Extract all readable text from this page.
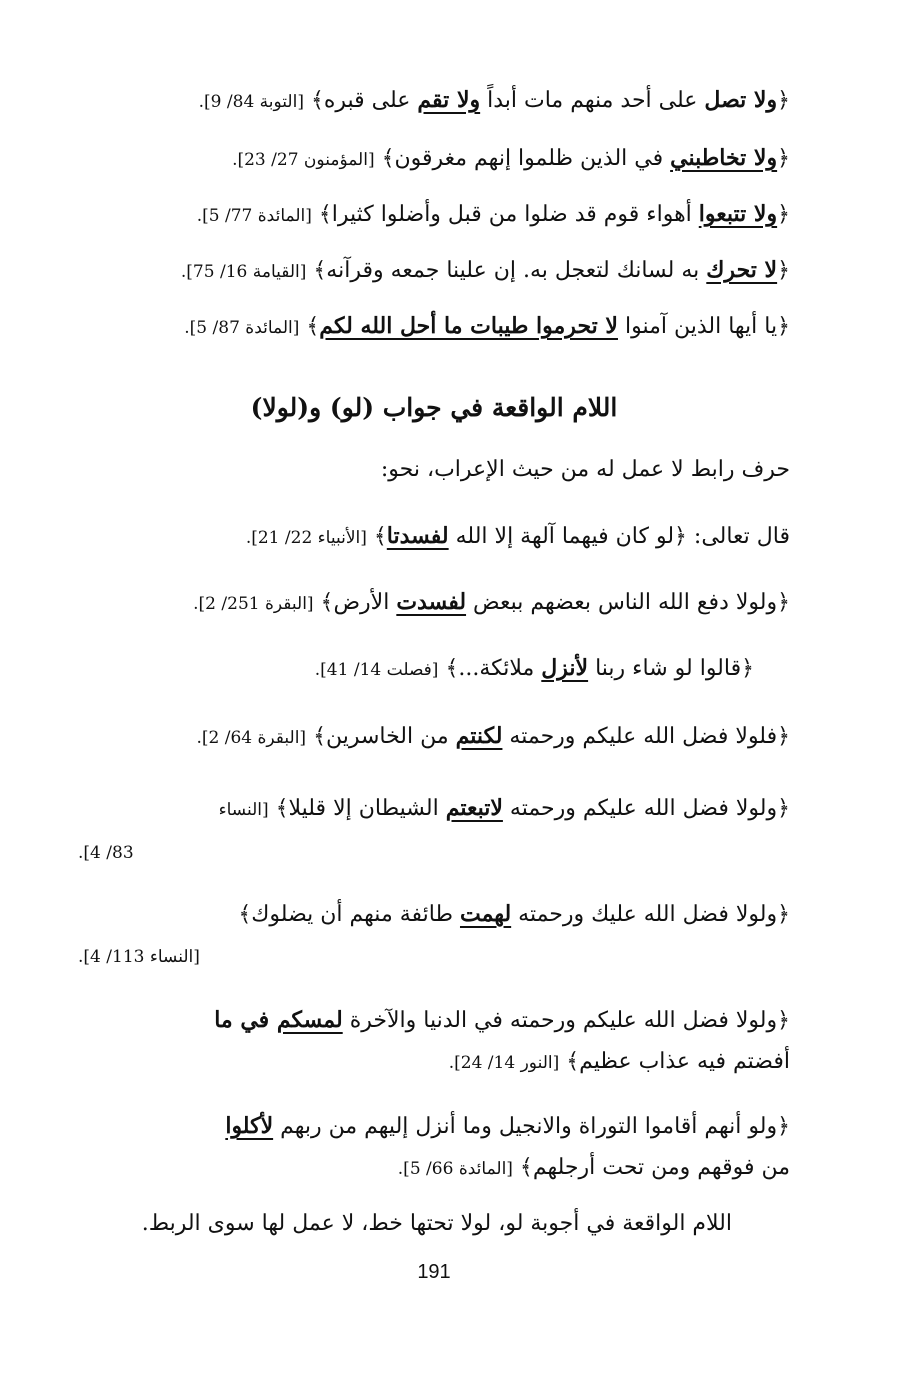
﴿ولا تصل على أحد منهم مات أبداً ولا تقم على قبره﴾ [التوبة 84/ 9].

﴿ولا تخاطبني في الذين ظلموا إنهم مغرقون﴾ [المؤمنون 27/ 23].

﴿ولا تتبعوا أهواء قوم قد ضلوا من قبل وأضلوا كثيرا﴾ [المائدة 77/ 5].

﴿لا تحرك به لسانك لتعجل به. إن علينا جمعه وقرآنه﴾ [القيامة 16/ 75].

﴿يا أيها الذين آمنوا لا تحرموا طيبات ما أحل الله لكم﴾ [المائدة 87/ 5].

اللام الواقعة في جواب (لو) و(لولا)

حرف رابط لا عمل له من حيث الإعراب، نحو:

قال تعالى: ﴿لو كان فيهما آلهة إلا الله لفسدتا﴾ [الأنبياء 22/ 21].

﴿ولولا دفع الله الناس بعضهم ببعض لفسدت الأرض﴾ [البقرة 251/ 2].

﴿قالوا لو شاء ربنا لأنزل ملائكة...﴾ [فصلت 14/ 41].

﴿فلولا فضل الله عليكم ورحمته لكنتم من الخاسرين﴾ [البقرة 64/ 2].

﴿ولولا فضل الله عليكم ورحمته لاتبعتم الشيطان إلا قليلا﴾ [النساء

83/ 4].

﴿ولولا فضل الله عليك ورحمته لهمت طائفة منهم أن يضلوك﴾

[النساء 113/ 4].

﴿ولولا فضل الله عليكم ورحمته في الدنيا والآخرة لمسكم في ما

أفضتم فيه عذاب عظيم﴾ [النور 14/ 24].

﴿ولو أنهم أقاموا التوراة والانجيل وما أنزل إليهم من ربهم لأكلوا

من فوقهم ومن تحت أرجلهم﴾ [المائدة 66/ 5].

اللام الواقعة في أجوبة لو، لولا تحتها خط، لا عمل لها سوى الربط.

191
